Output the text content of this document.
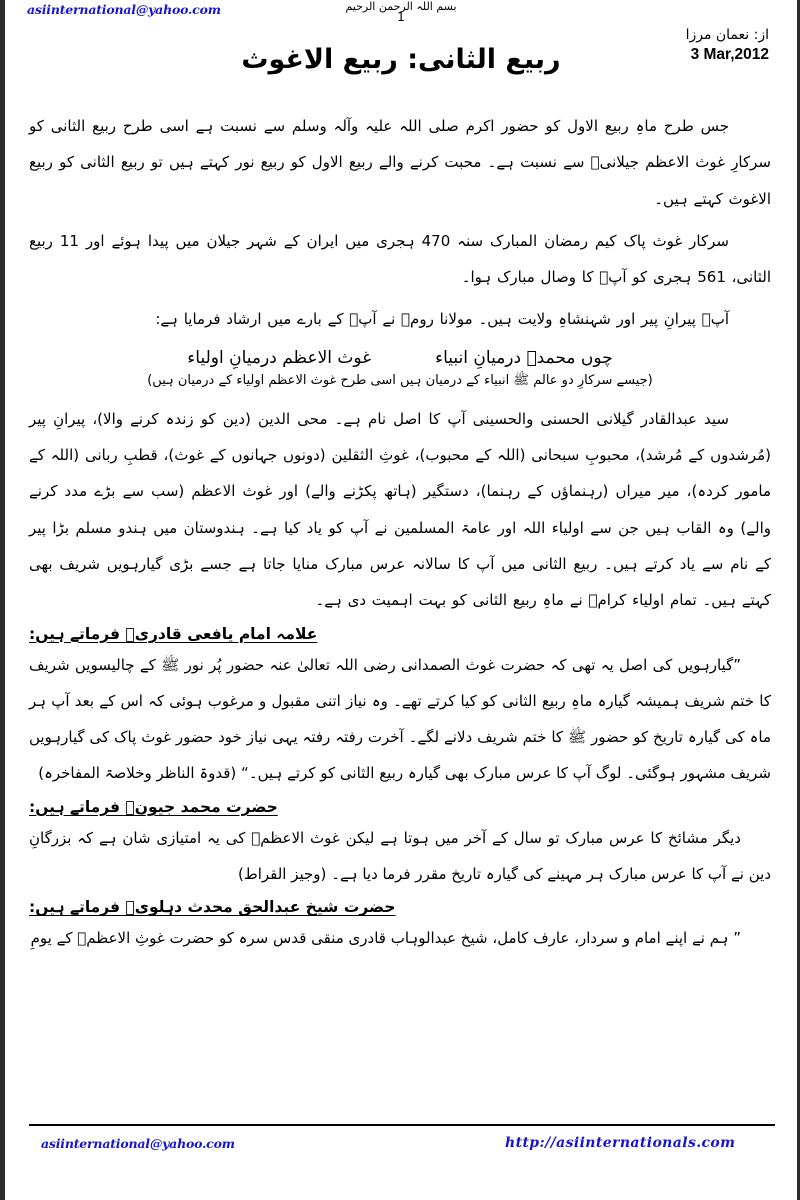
asiinternational@yahoo.com	بسم اللہ الرحمن الرحیم
1
از: نعمان مرزا
3 Mar,2012
ربیع الثانی: ربیع الاغوث

جس طرح ماہِ ربیع الاول کو حضور اکرم صلی اللہ علیہ وآلہ وسلم سے نسبت ہے اسی طرح ربیع الثانی کو سرکارِ غوث الاعظم جیلانیؒ سے نسبت ہے۔ محبت کرنے والے ربیع الاول کو ربیع نور کہتے ہیں تو ربیع الثانی کو ربیع الاغوث کہتے ہیں۔

سرکار غوث پاک کیم رمضان المبارک سنہ 470 ہجری میں ایران کے شہر جیلان میں پیدا ہوئے اور 11 ربیع الثانی، 561 ہجری کو آپؓ کا وصال مبارک ہوا۔

آپؓ پیرانِ پیر اور شہنشاہِ ولایت ہیں۔ مولانا رومؒ نے آپؓ کے بارے میں ارشاد فرمایا ہے:

چوں محمدؐ درمیانِ انبیاء
غوث الاعظم درمیانِ اولیاء
(جیسے سرکارِ دو عالم ﷺ انبیاء کے درمیان ہیں اسی طرح غوث الاعظم اولیاء کے درمیان ہیں)

سید عبدالقادر گیلانی الحسنی والحسینی آپ کا اصل نام ہے۔ محی الدین (دین کو زندہ کرنے والا)، پیرانِ پیر (مُرشدوں کے مُرشد)، محبوبِ سبحانی (اللہ کے محبوب)، غوثِ الثقلین (دونوں جہانوں کے غوث)، قطبِ ربانی (اللہ کے مامور کردہ)، میر میراں (رہنماؤں کے رہنما)، دستگیر (ہاتھ پکڑنے والے) اور غوث الاعظم (سب سے بڑے مدد کرنے والے) وہ القاب ہیں جن سے اولیاء اللہ اور عامۃ المسلمین نے آپ کو یاد کیا ہے۔ ہندوستان میں ہندو مسلم بڑا پیر کے نام سے یاد کرتے ہیں۔ ربیع الثانی میں آپ کا سالانہ عرس مبارک منایا جاتا ہے جسے بڑی گیارہویں شریف بھی کہتے ہیں۔ تمام اولیاء کرامؒ نے ماہِ ربیع الثانی کو بہت اہمیت دی ہے۔

علامہ امام یافعی قادریؒ فرماتے ہیں:

”گیارہویں کی اصل یہ تھی کہ حضرت غوث الصمدانی رضی اللہ تعالیٰ عنہ حضور پُر نور ﷺ کے چالیسویں شریف کا ختم شریف ہمیشہ گیارہ ماہِ ربیع الثانی کو کیا کرتے تھے۔ وہ نیاز اتنی مقبول و مرغوب ہوئی کہ اس کے بعد آپ ہر ماہ کی گیارہ تاریخ کو حضور ﷺ کا ختم شریف دلانے لگے۔ آخرت رفتہ رفتہ یہی نیاز خود حضور غوث پاک کی گیارہویں شریف مشہور ہوگئی۔ لوگ آپ کا عرس مبارک بھی گیارہ ربیع الثانی کو کرتے ہیں۔“ (قدوۃ الناظر وخلاصۃ المفاخرہ)

حضرت محمد جیونؒ فرماتے ہیں:

دیگر مشائخ کا عرس مبارک تو سال کے آخر میں ہوتا ہے لیکن غوث الاعظمؓ کی یہ امتیازی شان ہے کہ بزرگانِ دین نے آپ کا عرس مبارک ہر مہینے کی گیارہ تاریخ مقرر فرما دیا ہے۔ (وجیز القراط)

حضرت شیخ عبدالحق محدث دہلویؒ فرماتے ہیں:

” ہم نے اپنے امام و سردار، عارف کامل، شیخ عبدالوہاب قادری منقی قدس سرہ کو حضرت غوثِ الاعظمؒ کے یومِ

asiinternational@yahoo.com	http://asiinternationals.com
